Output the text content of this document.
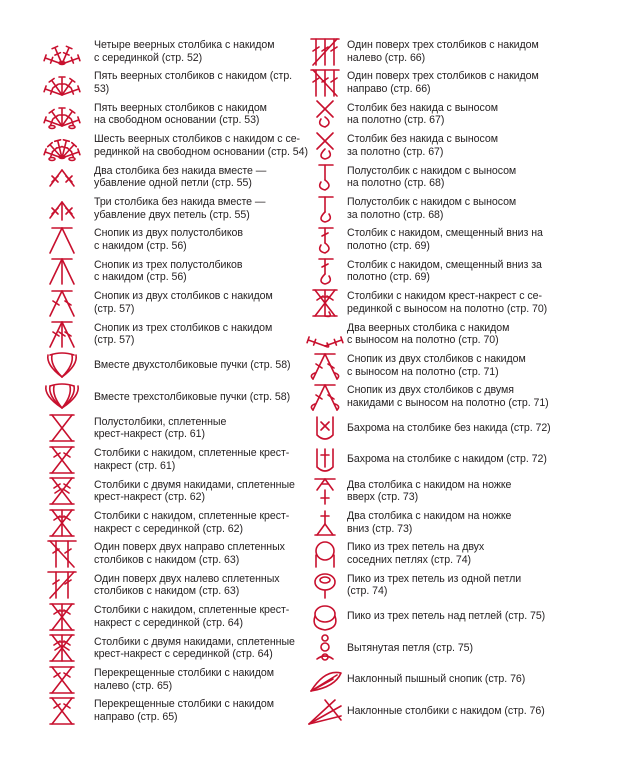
Четыре веерных столбика с накидом
с серединкой (стр. 52)
Пять веерных столбиков с накидом (стр.
53)
Пять веерных столбиков с накидом
на свободном основании (стр. 53)
Шесть веерных столбиков с накидом с се-
рединкой на свободном основании (стр. 54)
Два столбика без накида вместе —
убавление одной петли (стр. 55)
Три столбика без накида вместе —
убавление двух петель (стр. 55)
Снопик из двух полустолбиков
с накидом (стр. 56)
Снопик из трех полустолбиков
с накидом (стр. 56)
Снопик из двух столбиков с накидом
(стр. 57)
Снопик из трех столбиков с накидом
(стр. 57)
Вместе двухстолбиковые пучки (стр. 58)
Вместе трехстолбиковые пучки (стр. 58)
Полустолбики, сплетенные
крест-накрест (стр. 61)
Столбики с накидом, сплетенные крест-
накрест (стр. 61)
Столбики с двумя накидами, сплетенные
крест-накрест (стр. 62)
Столбики с накидом, сплетенные крест-
накрест с серединкой (стр. 62)
Один поверх двух направо сплетенных
столбиков с накидом (стр. 63)
Один поверх двух налево сплетенных
столбиков с накидом (стр. 63)
Столбики с накидом, сплетенные крест-
накрест с серединкой (стр. 64)
Столбики с двумя накидами, сплетенные
крест-накрест с серединкой (стр. 64)
Перекрещенные столбики с накидом
налево (стр. 65)
Перекрещенные столбики с накидом
направо (стр. 65)
Один поверх трех столбиков с накидом
налево (стр. 66)
Один поверх трех столбиков с накидом
направо (стр. 66)
Столбик без накида с выносом
на полотно (стр. 67)
Столбик без накида с выносом
за полотно (стр. 67)
Полустолбик с накидом с выносом
на полотно (стр. 68)
Полустолбик с накидом с выносом
за полотно (стр. 68)
Столбик с накидом, смещенный вниз на
полотно (стр. 69)
Столбик с накидом, смещенный вниз за
полотно (стр. 69)
Столбики с накидом крест-накрест с се-
рединкой с выносом на полотно (стр. 70)
Два веерных столбика с накидом
с выносом на полотно (стр. 70)
Снопик из двух столбиков с накидом
с выносом на полотно (стр. 71)
Снопик из двух столбиков с двумя
накидами с выносом на полотно (стр. 71)
Бахрома на столбике без накида (стр. 72)
Бахрома на столбике с накидом (стр. 72)
Два столбика с накидом на ножке
вверх (стр. 73)
Два столбика с накидом на ножке
вниз (стр. 73)
Пико из трех петель на двух
соседних петлях (стр. 74)
Пико из трех петель из одной петли
(стр. 74)
Пико из трех петель над петлей (стр. 75)
Вытянутая петля (стр. 75)
Наклонный пышный снопик (стр. 76)
Наклонные столбики с накидом (стр. 76)
